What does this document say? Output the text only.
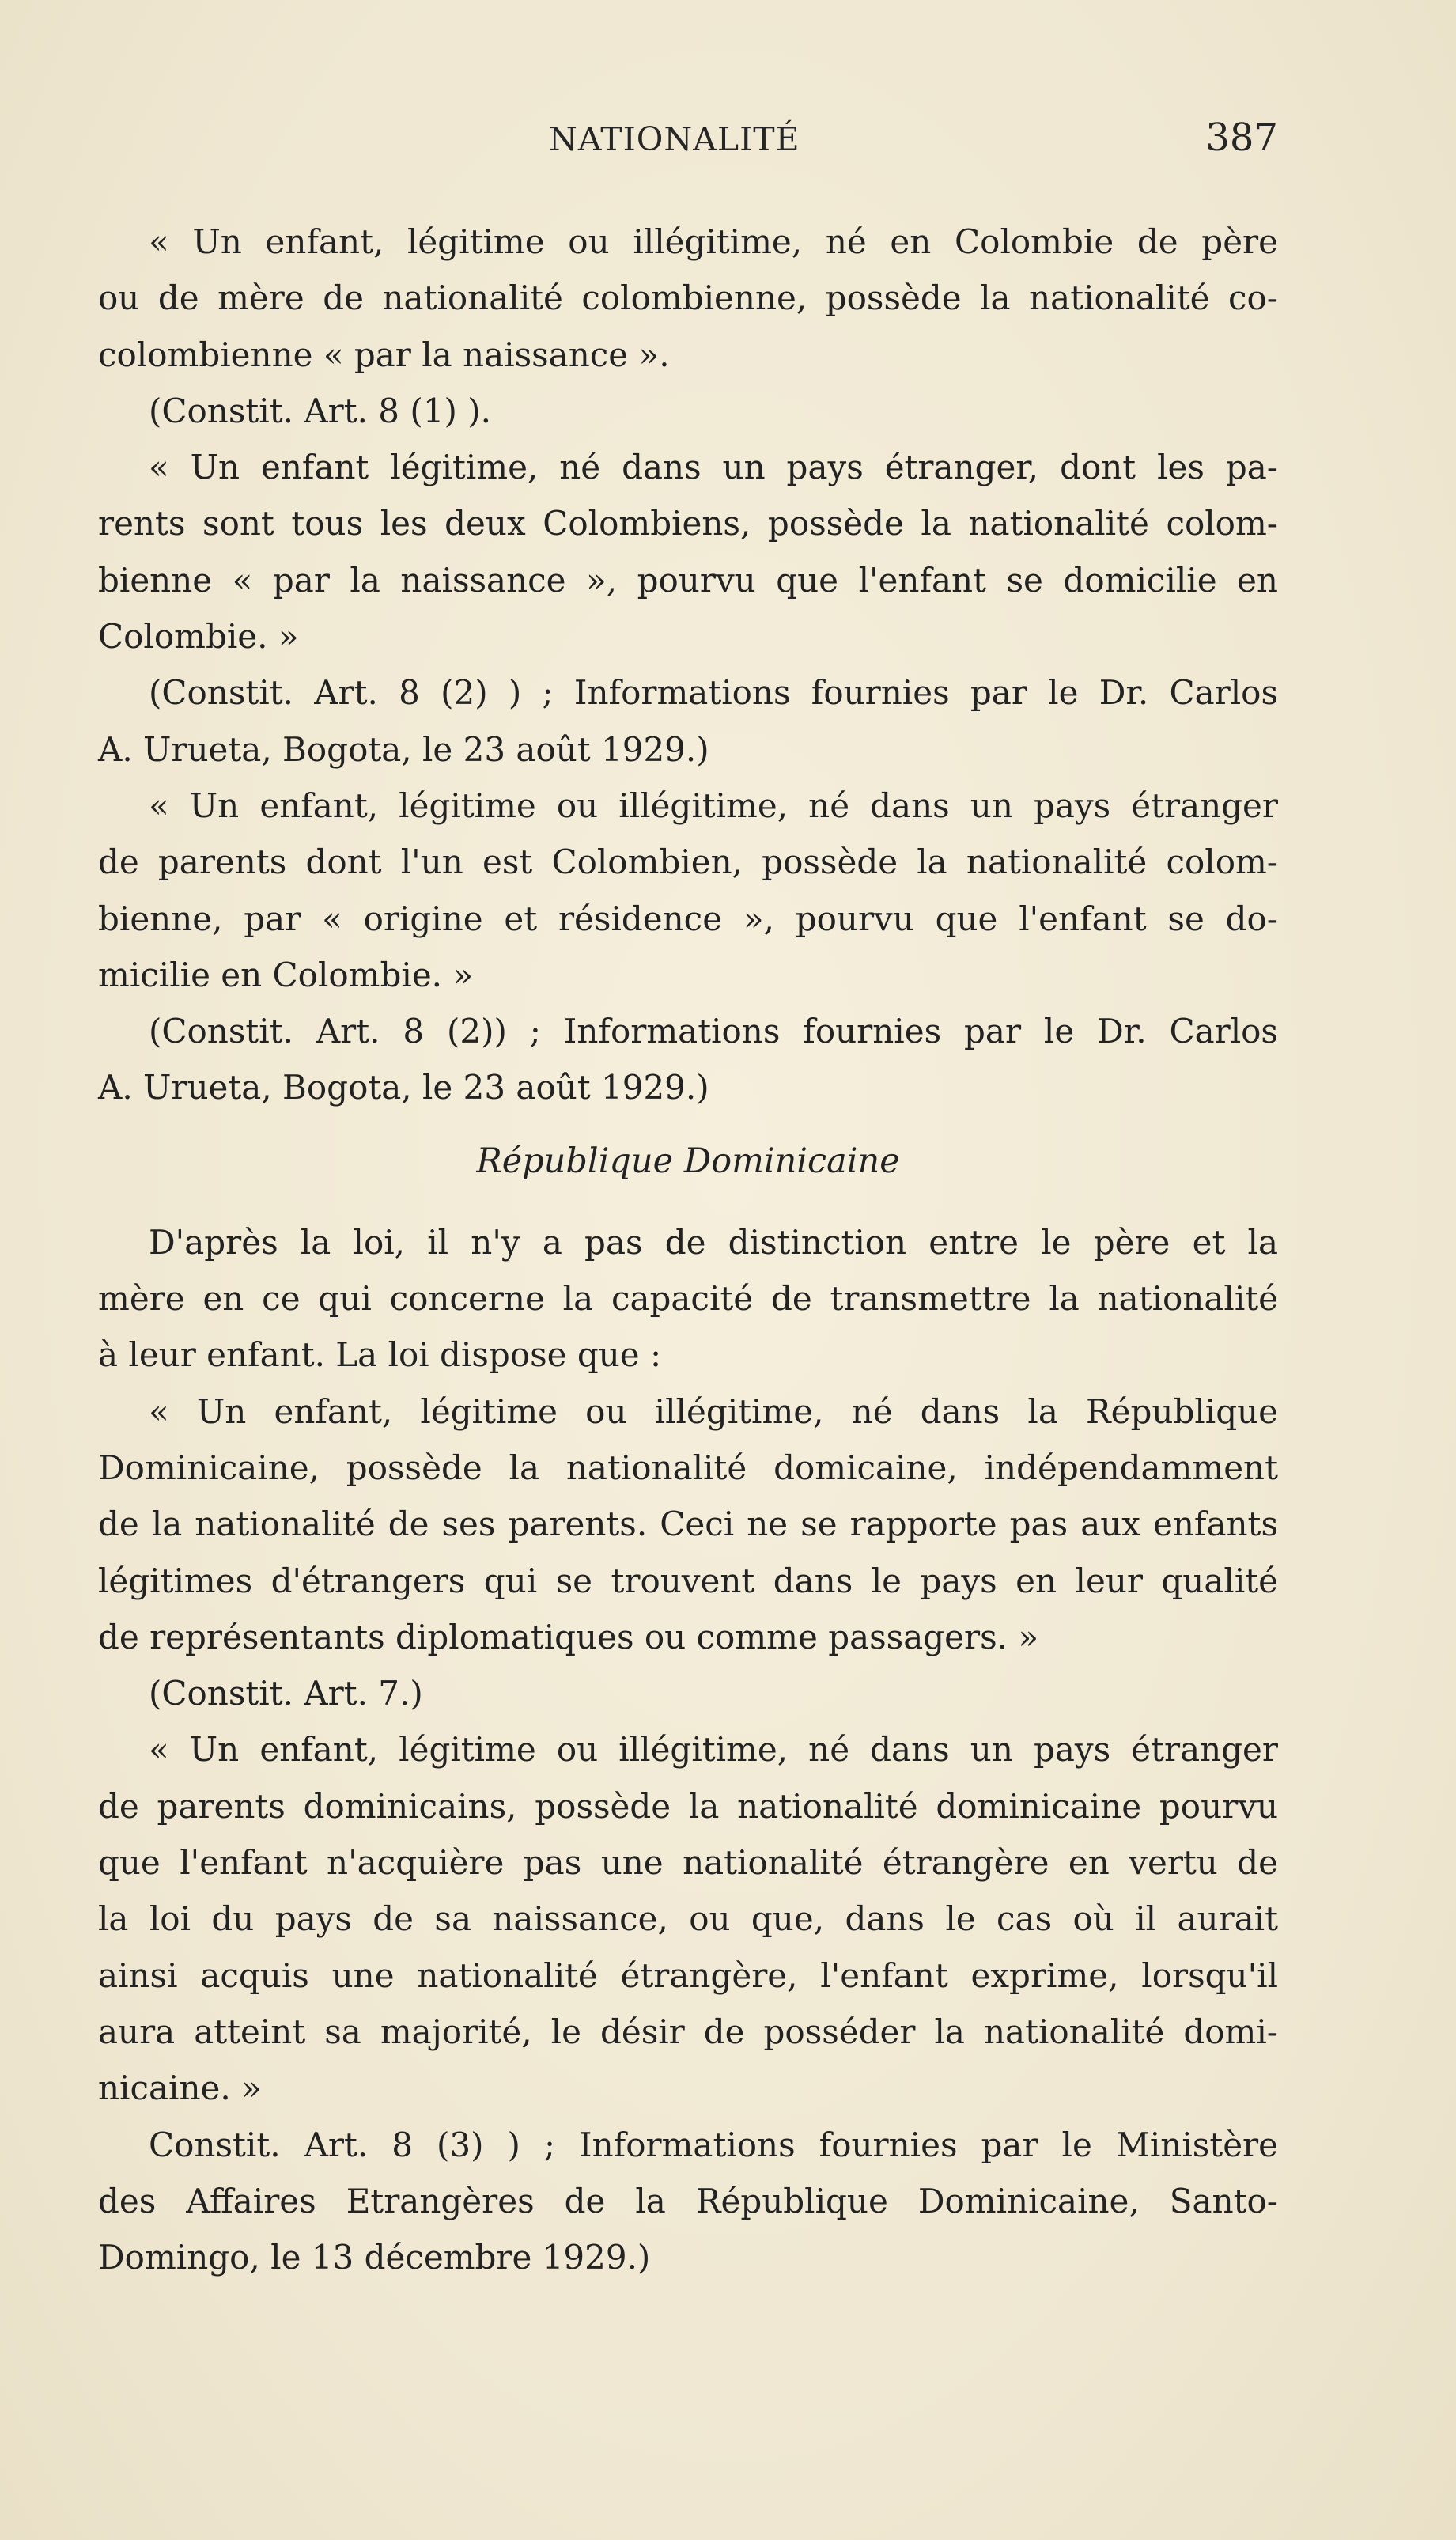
NATIONALITÉ	387
« Un enfant, légitime ou illégitime, né en Colombie de père
ou de mère de nationalité colombienne, possède la nationalité co-
colombienne « par la naissance ».
(Constit. Art. 8 (1) ).
« Un enfant légitime, né dans un pays étranger, dont les pa-
rents sont tous les deux Colombiens, possède la nationalité colom-
bienne « par la naissance », pourvu que l'enfant se domicilie en
Colombie. »
(Constit. Art. 8 (2) ) ; Informations fournies par le Dr. Carlos
A. Urueta, Bogota, le 23 août 1929.)
« Un enfant, légitime ou illégitime, né dans un pays étranger
de parents dont l'un est Colombien, possède la nationalité colom-
bienne, par « origine et résidence », pourvu que l'enfant se do-
micilie en Colombie. »
(Constit. Art. 8 (2)) ; Informations fournies par le Dr. Carlos
A. Urueta, Bogota, le 23 août 1929.)
République Dominicaine
D'après la loi, il n'y a pas de distinction entre le père et la
mère en ce qui concerne la capacité de transmettre la nationalité
à leur enfant. La loi dispose que :
« Un enfant, légitime ou illégitime, né dans la République
Dominicaine, possède la nationalité domicaine, indépendamment
de la nationalité de ses parents. Ceci ne se rapporte pas aux enfants
légitimes d'étrangers qui se trouvent dans le pays en leur qualité
de représentants diplomatiques ou comme passagers. »
(Constit. Art. 7.)
« Un enfant, légitime ou illégitime, né dans un pays étranger
de parents dominicains, possède la nationalité dominicaine pourvu
que l'enfant n'acquière pas une nationalité étrangère en vertu de
la loi du pays de sa naissance, ou que, dans le cas où il aurait
ainsi acquis une nationalité étrangère, l'enfant exprime, lorsqu'il
aura atteint sa majorité, le désir de posséder la nationalité domi-
nicaine. »
Constit. Art. 8 (3) ) ; Informations fournies par le Ministère
des Affaires Etrangères de la République Dominicaine, Santo-
Domingo, le 13 décembre 1929.)
